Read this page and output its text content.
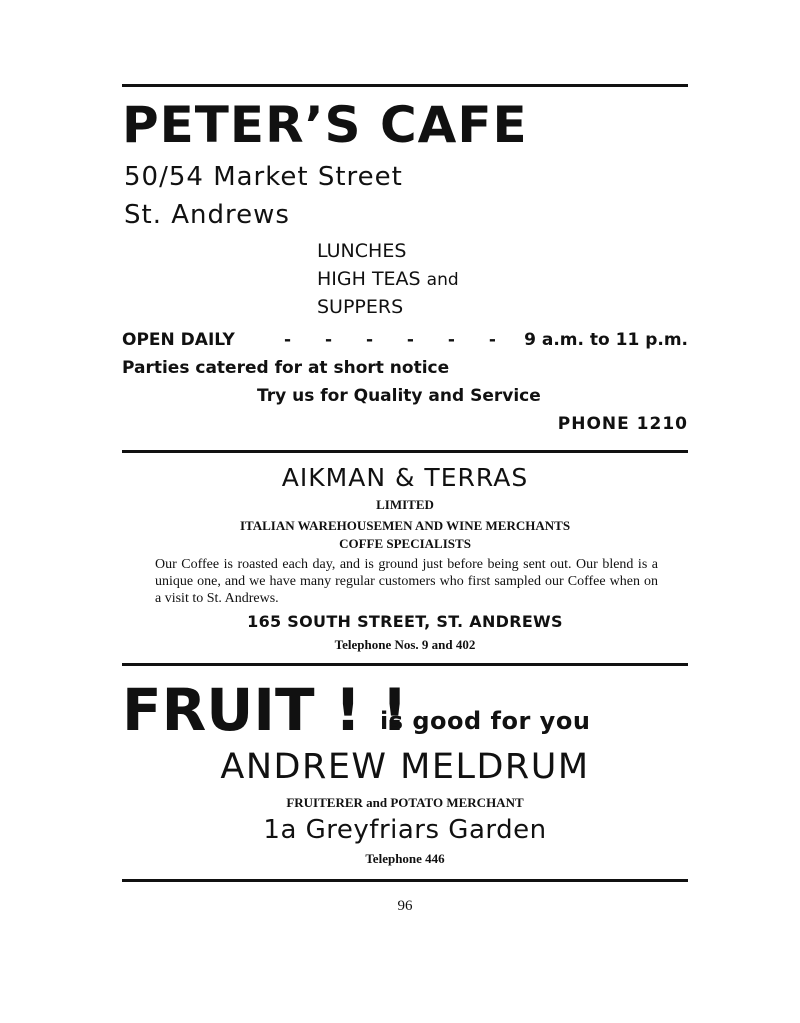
PETER’S CAFE
50/54 Market Street
St. Andrews
LUNCHES
HIGH TEAS and
SUPPERS
OPEN DAILY	- - - - - - 9 a.m. to 11 p.m.
Parties catered for at short notice
Try us for Quality and Service
PHONE 1210
AIKMAN & TERRAS
LIMITED
ITALIAN WAREHOUSEMEN AND WINE MERCHANTS
COFFE SPECIALISTS
Our Coffee is roasted each day, and is ground just before being sent out. Our blend is a unique one, and we have many regular customers who first sampled our Coffee when on a visit to St. Andrews.
165 SOUTH STREET, ST. ANDREWS
Telephone Nos. 9 and 402
FRUIT ! !
is good for you
ANDREW MELDRUM
FRUITERER and POTATO MERCHANT
1a Greyfriars Garden
Telephone 446
96
